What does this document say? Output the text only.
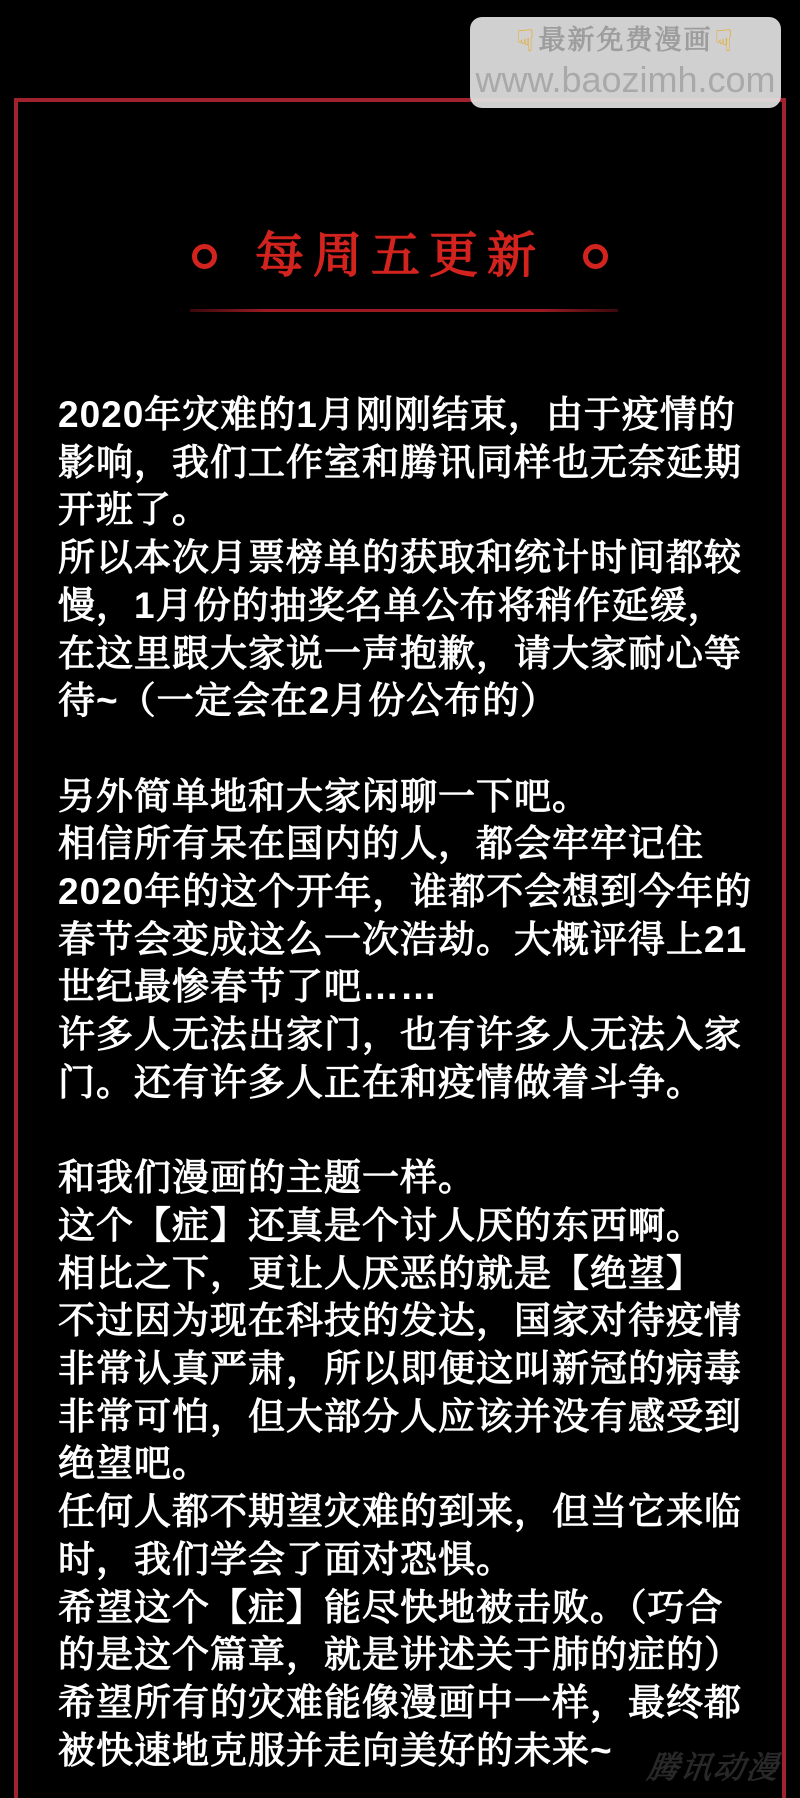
☟最新免费漫画☟
www.baozimh.com
每周五更新
2020年灾难的1月刚刚结束，由于疫情的
影响，我们工作室和腾讯同样也无奈延期
开班了。
所以本次月票榜单的获取和统计时间都较
慢，1月份的抽奖名单公布将稍作延缓，
在这里跟大家说一声抱歉，请大家耐心等
待~（一定会在2月份公布的）
另外简单地和大家闲聊一下吧。
相信所有呆在国内的人，都会牢牢记住
2020年的这个开年，谁都不会想到今年的
春节会变成这么一次浩劫。大概评得上21
世纪最惨春节了吧……
许多人无法出家门，也有许多人无法入家
门。还有许多人正在和疫情做着斗争。
和我们漫画的主题一样。
这个【症】还真是个讨人厌的东西啊。
相比之下，更让人厌恶的就是【绝望】
不过因为现在科技的发达，国家对待疫情
非常认真严肃，所以即便这叫新冠的病毒
非常可怕，但大部分人应该并没有感受到
绝望吧。
任何人都不期望灾难的到来，但当它来临
时，我们学会了面对恐惧。
希望这个【症】能尽快地被击败。（巧合
的是这个篇章，就是讲述关于肺的症的）
希望所有的灾难能像漫画中一样，最终都
被快速地克服并走向美好的未来~	腾讯动漫
